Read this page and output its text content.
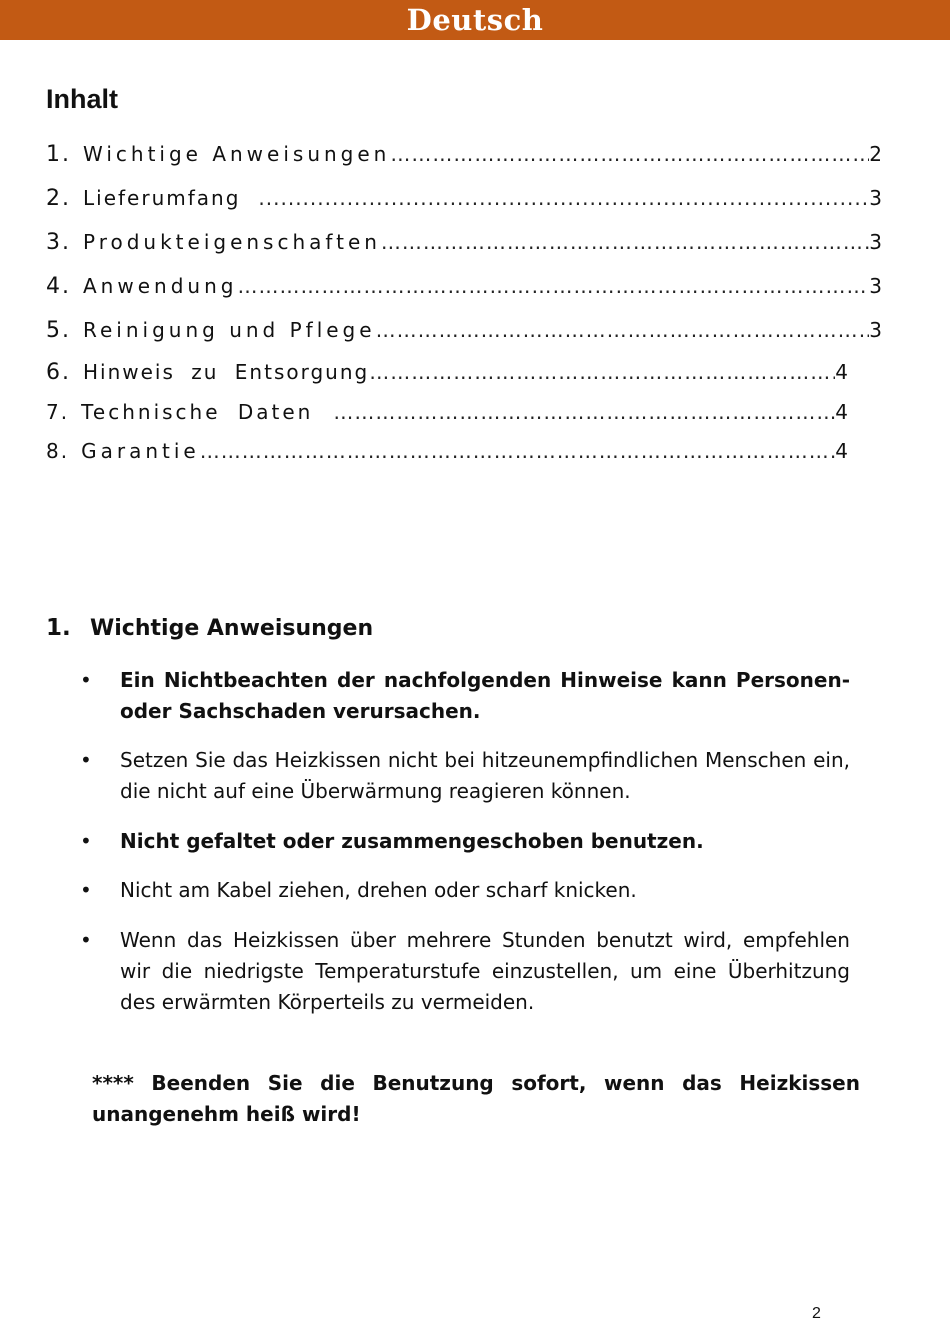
Deutsch
Inhalt
1. Wichtige Anweisungen ………………………………………………………………………………………………………………………………………………………………………………	2
2. Lieferumfang .....	3
3. Produkteigenschaften ………………………………………………………………………………………………………………………………………………………………………………	3
4. Anwendung ………………………………………………………………………………………………………………………………………………………………………………	3
5. Reinigung und Pflege ………………………………………………………………………………………………………………………………………………………………………………	3
6. Hinweis zu Entsorgung ………………………………………………………………………………………………………………………………………………………………………………	4
7. Technische Daten ………………………………………………………………………………………………………………………………………………………………………………	4
8. Garantie ………………………………………………………………………………………………………………………………………………………………………………	4
1. Wichtige Anweisungen
•	Ein Nichtbeachten der nachfolgenden Hinweise kann Personen- oder Sachschaden verursachen.
•	Setzen Sie das Heizkissen nicht bei hitzeunempfindlichen Menschen ein, die nicht auf eine Überwärmung reagieren können.
•	Nicht gefaltet oder zusammengeschoben benutzen.
•	Nicht am Kabel ziehen, drehen oder scharf knicken.
•	Wenn das Heizkissen über mehrere Stunden benutzt wird, empfehlen wir die niedrigste Temperaturstufe einzustellen, um eine Überhitzung des erwärmten Körperteils zu vermeiden.
**** Beenden Sie die Benutzung sofort, wenn das Heizkissen unangenehm heiß wird!
2
